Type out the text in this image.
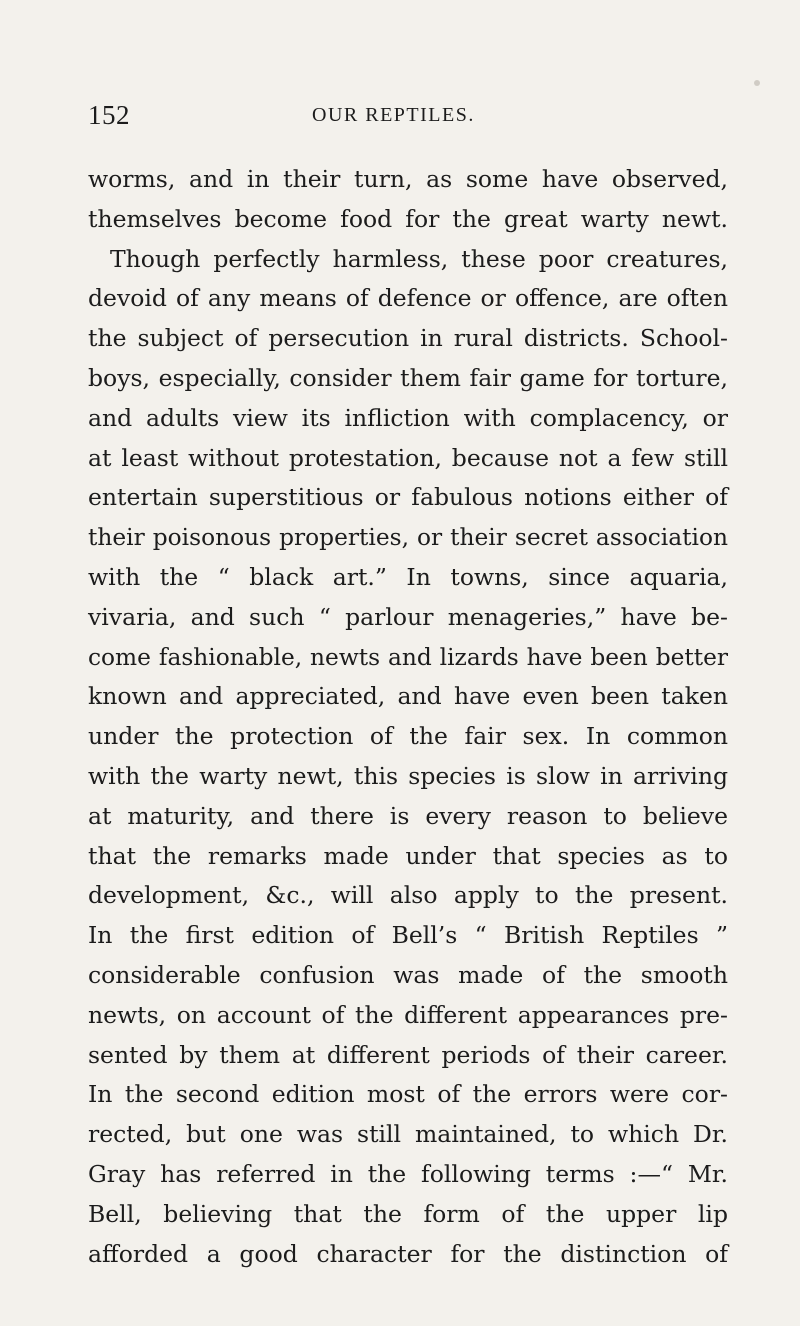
152	OUR REPTILES.
worms, and in their turn, as some have observed,
themselves become food for the great warty newt.
Though perfectly harmless, these poor creatures,
devoid of any means of defence or offence, are often
the subject of persecution in rural districts. School-
boys, especially, consider them fair game for torture,
and adults view its infliction with complacency, or
at least without protestation, because not a few still
entertain superstitious or fabulous notions either of
their poisonous properties, or their secret association
with the “ black art.” In towns, since aquaria,
vivaria, and such “ parlour menageries,” have be-
come fashionable, newts and lizards have been better
known and appreciated, and have even been taken
under the protection of the fair sex. In common
with the warty newt, this species is slow in arriving
at maturity, and there is every reason to believe
that the remarks made under that species as to
development, &c., will also apply to the present.
In the first edition of Bell’s “ British Reptiles ”
considerable confusion was made of the smooth
newts, on account of the different appearances pre-
sented by them at different periods of their career.
In the second edition most of the errors were cor-
rected, but one was still maintained, to which Dr.
Gray has referred in the following terms :—“ Mr.
Bell, believing that the form of the upper lip
afforded a good character for the distinction of
